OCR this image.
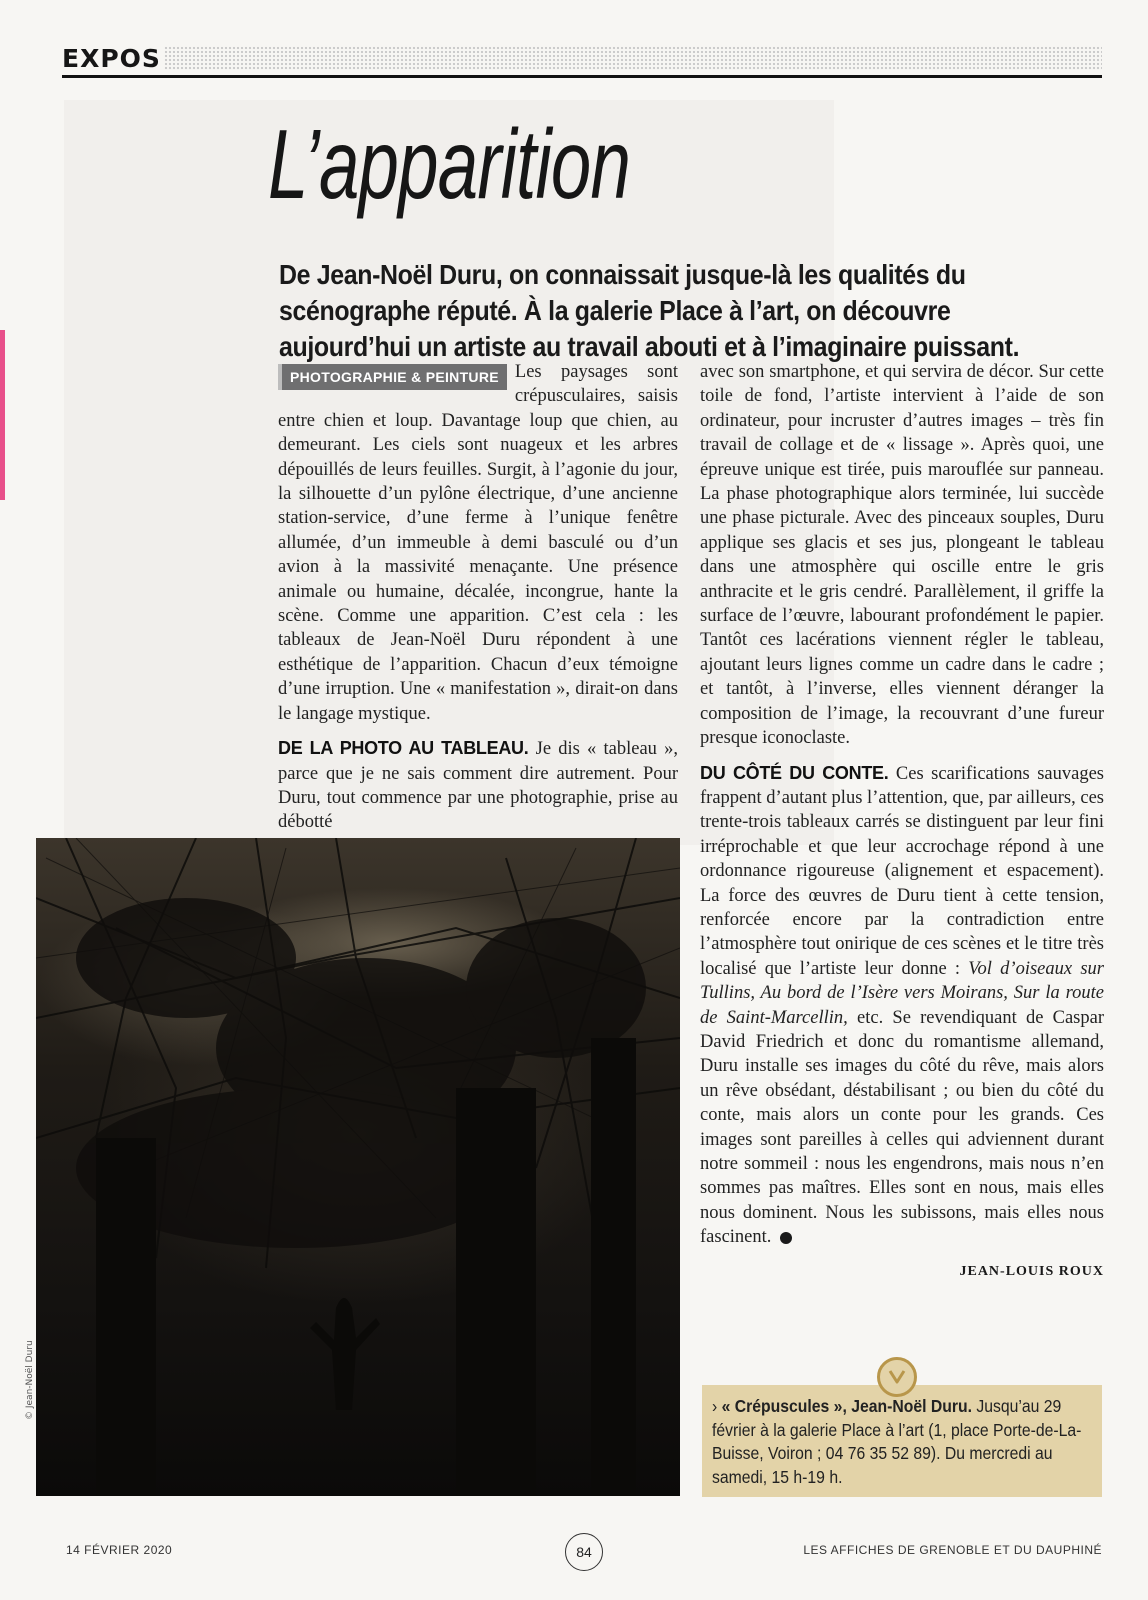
EXPOS
L’apparition

De Jean-Noël Duru, on connaissait jusque-là les qualités du scénographe réputé. À la galerie Place à l’art, on découvre aujourd’hui un artiste au travail abouti et à l’imaginaire puissant.

PHOTOGRAPHIE & PEINTURE Les paysages sont crépusculaires, saisis entre chien et loup. Davantage loup que chien, au demeurant. Les ciels sont nuageux et les arbres dépouillés de leurs feuilles. Surgit, à l’agonie du jour, la silhouette d’un pylône électrique, d’une ancienne station-service, d’une ferme à l’unique fenêtre allumée, d’un immeuble à demi basculé ou d’un avion à la massivité menaçante. Une présence animale ou humaine, décalée, incongrue, hante la scène. Comme une apparition. C’est cela : les tableaux de Jean-Noël Duru répondent à une esthétique de l’apparition. Chacun d’eux témoigne d’une irruption. Une « manifestation », dirait-on dans le langage mystique.

DE LA PHOTO AU TABLEAU. Je dis « tableau », parce que je ne sais comment dire autrement. Pour Duru, tout commence par une photographie, prise au débotté

avec son smartphone, et qui servira de décor. Sur cette toile de fond, l’artiste intervient à l’aide de son ordinateur, pour incruster d’autres images – très fin travail de collage et de « lissage ». Après quoi, une épreuve unique est tirée, puis marouflée sur panneau. La phase photographique alors terminée, lui succède une phase picturale. Avec des pinceaux souples, Duru applique ses glacis et ses jus, plongeant le tableau dans une atmosphère qui oscille entre le gris anthracite et le gris cendré. Parallèlement, il griffe la surface de l’œuvre, labourant profondément le papier. Tantôt ces lacérations viennent régler le tableau, ajoutant leurs lignes comme un cadre dans le cadre ; et tantôt, à l’inverse, elles viennent déranger la composition de l’image, la recouvrant d’une fureur presque iconoclaste.

DU CÔTÉ DU CONTE. Ces scarifications sauvages frappent d’autant plus l’attention, que, par ailleurs, ces trente-trois tableaux carrés se distinguent par leur fini irréprochable et que leur accrochage répond à une ordonnance rigoureuse (alignement et espacement). La force des œuvres de Duru tient à cette tension, renforcée encore par la contradiction entre l’atmosphère tout onirique de ces scènes et le titre très localisé que l’artiste leur donne : Vol d’oiseaux sur Tullins, Au bord de l’Isère vers Moirans, Sur la route de Saint-Marcellin, etc. Se revendiquant de Caspar David Friedrich et donc du romantisme allemand, Duru installe ses images du côté du rêve, mais alors un rêve obsédant, déstabilisant ; ou bien du côté du conte, mais alors un conte pour les grands. Ces images sont pareilles à celles qui adviennent durant notre sommeil : nous les engendrons, mais nous n’en sommes pas maîtres. Elles sont en nous, mais elles nous dominent. Nous les subissons, mais elles nous fascinent.

JEAN-LOUIS ROUX
© Jean-Noël Duru	› « Crépuscules », Jean-Noël Duru. Jusqu’au 29 février à la galerie Place à l’art (1, place Porte-de-La-Buisse, Voiron ; 04 76 35 52 89). Du mercredi au samedi, 15 h-19 h.
14 FÉVRIER 2020	84	LES AFFICHES DE GRENOBLE ET DU DAUPHINÉ
